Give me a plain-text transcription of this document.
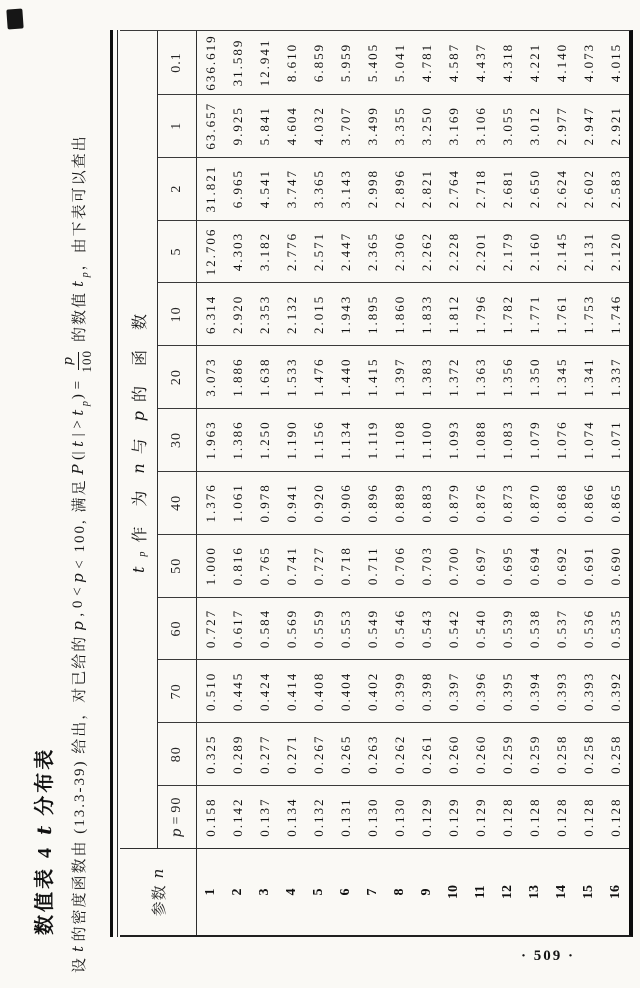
数值表 4
t
分布表
设
t
的密度函数由 (13.3-39) 给出，对已给的
p
, 0 <
p
< 100, 满足
P
(|
t
| >
t
p
) =
p 100
的数值
t
p
，由下表可以查出
参数
n
t
p
作 为
n
与
p
的 函 数
p
=
90
80
70
60
50
40
30
20
10
5
2
1
0.1
1
0.158
0.325
0.510
0.727
1.000
1.376
1.963
3.073
6.314
12.706
31.821
63.657
636.619
2
0.142
0.289
0.445
0.617
0.816
1.061
1.386
1.886
2.920
4.303
6.965
9.925
31.589
3
0.137
0.277
0.424
0.584
0.765
0.978
1.250
1.638
2.353
3.182
4.541
5.841
12.941
4
0.134
0.271
0.414
0.569
0.741
0.941
1.190
1.533
2.132
2.776
3.747
4.604
8.610
5
0.132
0.267
0.408
0.559
0.727
0.920
1.156
1.476
2.015
2.571
3.365
4.032
6.859
6
0.131
0.265
0.404
0.553
0.718
0.906
1.134
1.440
1.943
2.447
3.143
3.707
5.959
7
0.130
0.263
0.402
0.549
0.711
0.896
1.119
1.415
1.895
2.365
2.998
3.499
5.405
8
0.130
0.262
0.399
0.546
0.706
0.889
1.108
1.397
1.860
2.306
2.896
3.355
5.041
9
0.129
0.261
0.398
0.543
0.703
0.883
1.100
1.383
1.833
2.262
2.821
3.250
4.781
10
0.129
0.260
0.397
0.542
0.700
0.879
1.093
1.372
1.812
2.228
2.764
3.169
4.587
11
0.129
0.260
0.396
0.540
0.697
0.876
1.088
1.363
1.796
2.201
2.718
3.106
4.437
12
0.128
0.259
0.395
0.539
0.695
0.873
1.083
1.356
1.782
2.179
2.681
3.055
4.318
13
0.128
0.259
0.394
0.538
0.694
0.870
1.079
1.350
1.771
2.160
2.650
3.012
4.221
14
0.128
0.258
0.393
0.537
0.692
0.868
1.076
1.345
1.761
2.145
2.624
2.977
4.140
15
0.128
0.258
0.393
0.536
0.691
0.866
1.074
1.341
1.753
2.131
2.602
2.947
4.073
16
0.128
0.258
0.392
0.535
0.690
0.865
1.071
1.337
1.746
2.120
2.583
2.921
4.015
· 509 ·
